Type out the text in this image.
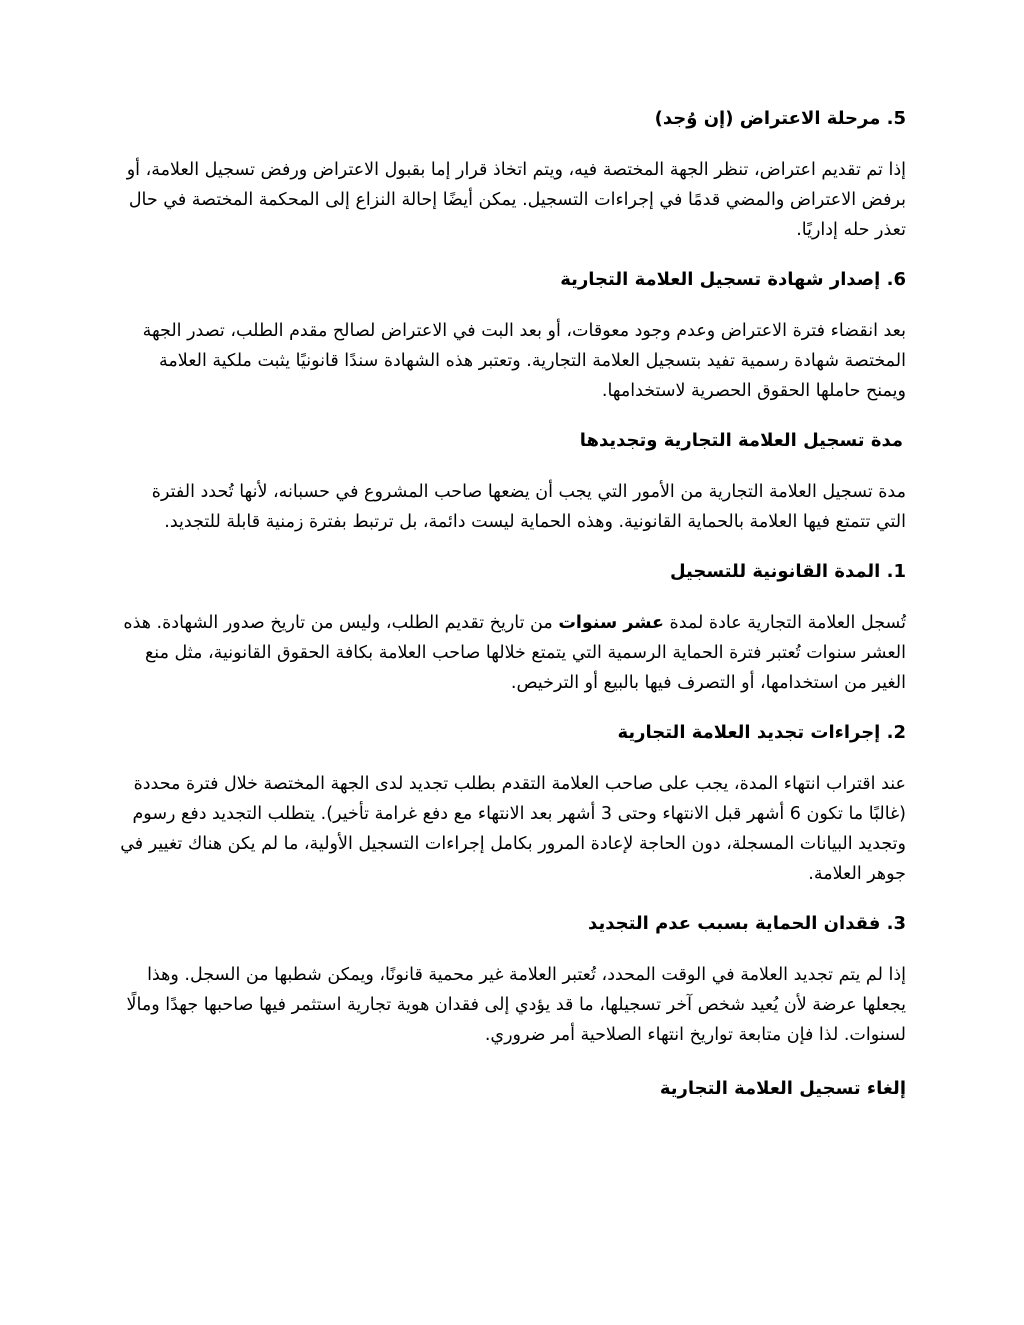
5. مرحلة الاعتراض (إن وُجد)

إذا تم تقديم اعتراض، تنظر الجهة المختصة فيه، ويتم اتخاذ قرار إما بقبول الاعتراض ورفض تسجيل العلامة، أو برفض الاعتراض والمضي قدمًا في إجراءات التسجيل. يمكن أيضًا إحالة النزاع إلى المحكمة المختصة في حال تعذر حله إداريًا.

6. إصدار شهادة تسجيل العلامة التجارية

بعد انقضاء فترة الاعتراض وعدم وجود معوقات، أو بعد البت في الاعتراض لصالح مقدم الطلب، تصدر الجهة المختصة شهادة رسمية تفيد بتسجيل العلامة التجارية. وتعتبر هذه الشهادة سندًا قانونيًا يثبت ملكية العلامة ويمنح حاملها الحقوق الحصرية لاستخدامها.

مدة تسجيل العلامة التجارية وتجديدها

مدة تسجيل العلامة التجارية من الأمور التي يجب أن يضعها صاحب المشروع في حسبانه، لأنها تُحدد الفترة التي تتمتع فيها العلامة بالحماية القانونية. وهذه الحماية ليست دائمة، بل ترتبط بفترة زمنية قابلة للتجديد.

1. المدة القانونية للتسجيل

تُسجل العلامة التجارية عادة لمدة عشر سنوات من تاريخ تقديم الطلب، وليس من تاريخ صدور الشهادة. هذه العشر سنوات تُعتبر فترة الحماية الرسمية التي يتمتع خلالها صاحب العلامة بكافة الحقوق القانونية، مثل منع الغير من استخدامها، أو التصرف فيها بالبيع أو الترخيص.

2. إجراءات تجديد العلامة التجارية

عند اقتراب انتهاء المدة، يجب على صاحب العلامة التقدم بطلب تجديد لدى الجهة المختصة خلال فترة محددة (غالبًا ما تكون 6 أشهر قبل الانتهاء وحتى 3 أشهر بعد الانتهاء مع دفع غرامة تأخير). يتطلب التجديد دفع رسوم وتجديد البيانات المسجلة، دون الحاجة لإعادة المرور بكامل إجراءات التسجيل الأولية، ما لم يكن هناك تغيير في جوهر العلامة.

3. فقدان الحماية بسبب عدم التجديد

إذا لم يتم تجديد العلامة في الوقت المحدد، تُعتبر العلامة غير محمية قانونًا، ويمكن شطبها من السجل. وهذا يجعلها عرضة لأن يُعيد شخص آخر تسجيلها، ما قد يؤدي إلى فقدان هوية تجارية استثمر فيها صاحبها جهدًا ومالًا لسنوات. لذا فإن متابعة تواريخ انتهاء الصلاحية أمر ضروري.

إلغاء تسجيل العلامة التجارية
